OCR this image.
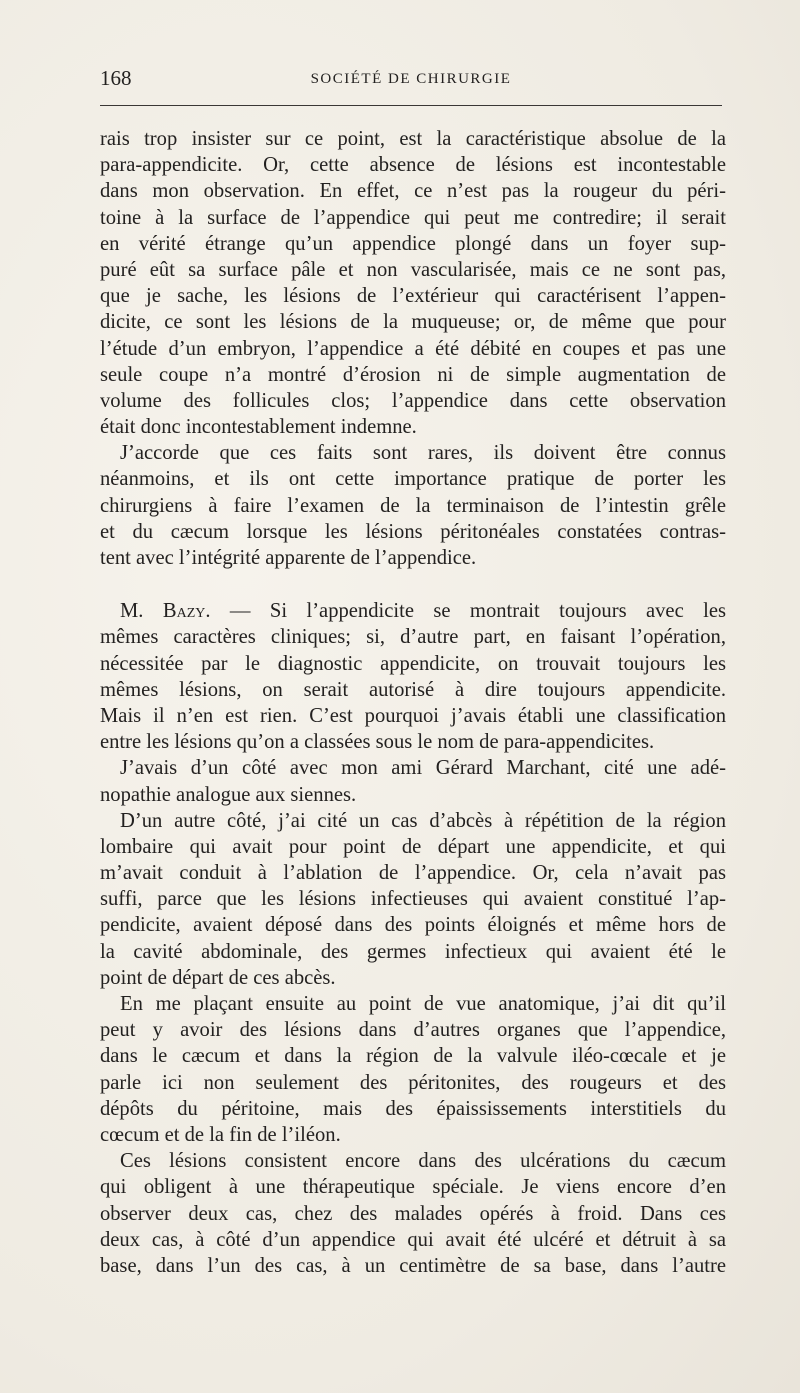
168	SOCIÉTÉ DE CHIRURGIE
rais trop insister sur ce point, est la caractéristique absolue de la
para-appendicite. Or, cette absence de lésions est incontestable
dans mon observation. En effet, ce n’est pas la rougeur du péri-
toine à la surface de l’appendice qui peut me contredire; il serait
en vérité étrange qu’un appendice plongé dans un foyer sup-
puré eût sa surface pâle et non vascularisée, mais ce ne sont pas,
que je sache, les lésions de l’extérieur qui caractérisent l’appen-
dicite, ce sont les lésions de la muqueuse; or, de même que pour
l’étude d’un embryon, l’appendice a été débité en coupes et pas une
seule coupe n’a montré d’érosion ni de simple augmentation de
volume des follicules clos; l’appendice dans cette observation
était donc incontestablement indemne.
J’accorde que ces faits sont rares, ils doivent être connus
néanmoins, et ils ont cette importance pratique de porter les
chirurgiens à faire l’examen de la terminaison de l’intestin grêle
et du cæcum lorsque les lésions péritonéales constatées contras-
tent avec l’intégrité apparente de l’appendice.
M. Bazy. — Si l’appendicite se montrait toujours avec les
mêmes caractères cliniques; si, d’autre part, en faisant l’opération,
nécessitée par le diagnostic appendicite, on trouvait toujours les
mêmes lésions, on serait autorisé à dire toujours appendicite.
Mais il n’en est rien. C’est pourquoi j’avais établi une classification
entre les lésions qu’on a classées sous le nom de para-appendicites.
J’avais d’un côté avec mon ami Gérard Marchant, cité une adé-
nopathie analogue aux siennes.
D’un autre côté, j’ai cité un cas d’abcès à répétition de la région
lombaire qui avait pour point de départ une appendicite, et qui
m’avait conduit à l’ablation de l’appendice. Or, cela n’avait pas
suffi, parce que les lésions infectieuses qui avaient constitué l’ap-
pendicite, avaient déposé dans des points éloignés et même hors de
la cavité abdominale, des germes infectieux qui avaient été le
point de départ de ces abcès.
En me plaçant ensuite au point de vue anatomique, j’ai dit qu’il
peut y avoir des lésions dans d’autres organes que l’appendice,
dans le cæcum et dans la région de la valvule iléo-cœcale et je
parle ici non seulement des péritonites, des rougeurs et des
dépôts du péritoine, mais des épaississements interstitiels du
cœcum et de la fin de l’iléon.
Ces lésions consistent encore dans des ulcérations du cæcum
qui obligent à une thérapeutique spéciale. Je viens encore d’en
observer deux cas, chez des malades opérés à froid. Dans ces
deux cas, à côté d’un appendice qui avait été ulcéré et détruit à sa
base, dans l’un des cas, à un centimètre de sa base, dans l’autre
